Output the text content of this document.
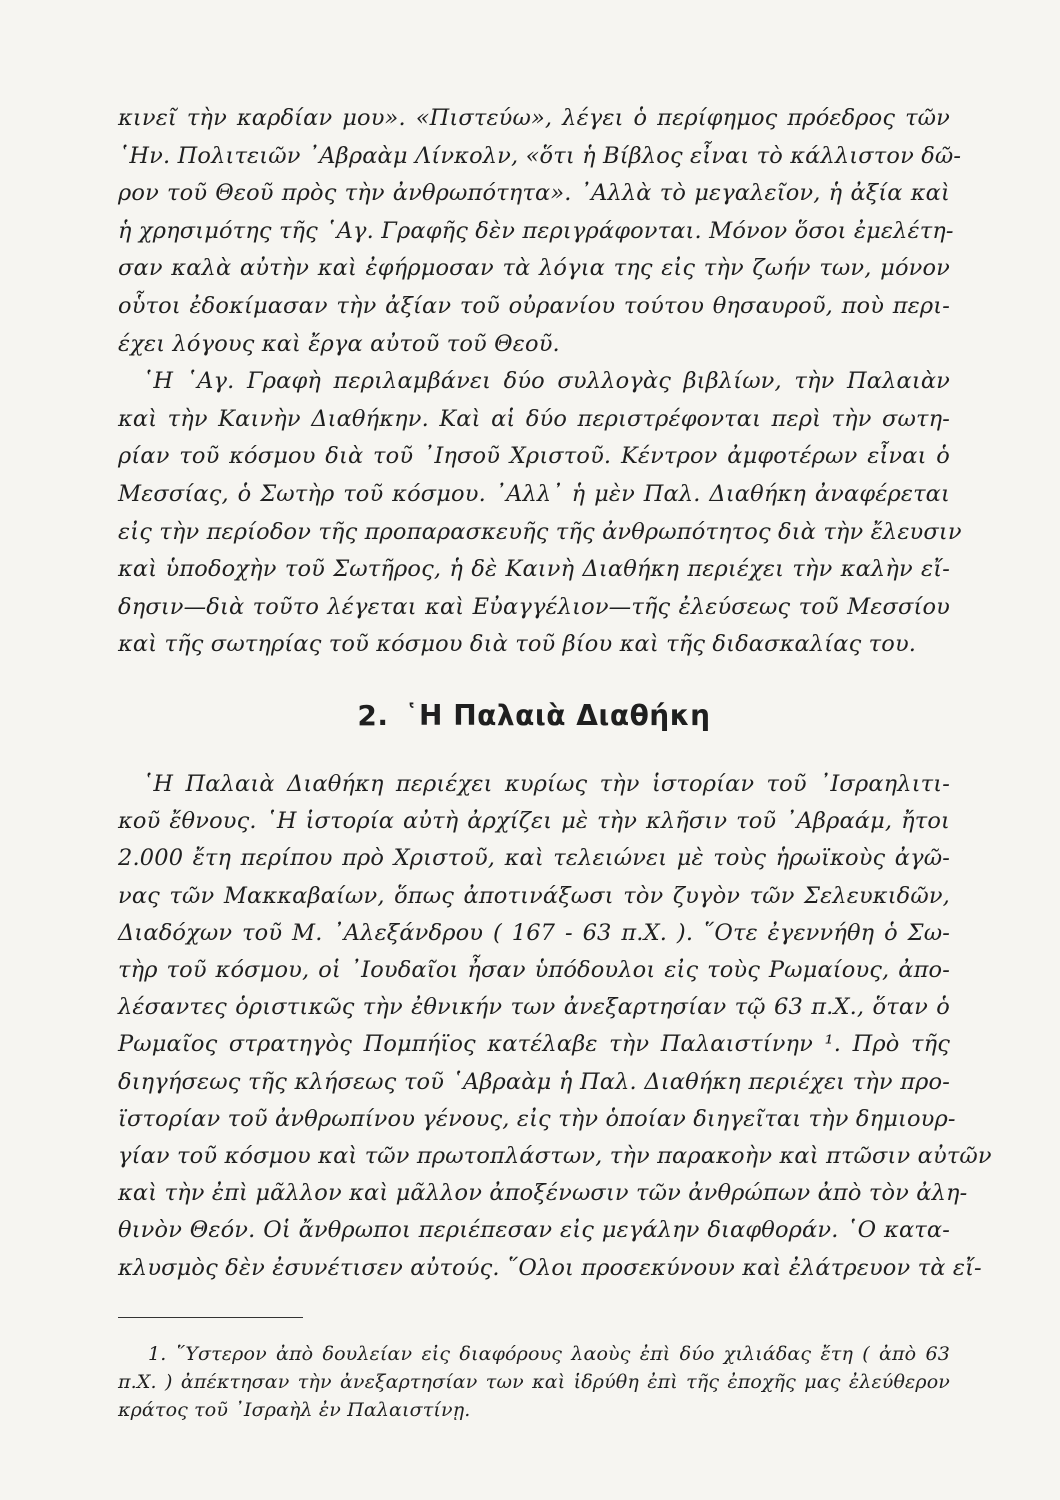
κινεῖ τὴν καρδίαν μου». «Πιστεύω», λέγει ὁ περίφημος πρόεδρος τῶν
῾Ην. Πολιτειῶν ᾿Αβραὰμ Λίνκολν, «ὅτι ἡ Βίβλος εἶναι τὸ κάλλιστον δῶ-
ρον τοῦ Θεοῦ πρὸς τὴν ἀνθρωπότητα». ᾿Αλλὰ τὸ μεγαλεῖον, ἡ ἀξία καὶ
ἡ χρησιμότης τῆς ῾Αγ. Γραφῆς δὲν περιγράφονται. Μόνον ὅσοι ἐμελέτη-
σαν καλὰ αὐτὴν καὶ ἐφήρμοσαν τὰ λόγια της εἰς τὴν ζωήν των, μόνον
οὗτοι ἐδοκίμασαν τὴν ἀξίαν τοῦ οὐρανίου τούτου θησαυροῦ, ποὺ περι-
έχει λόγους καὶ ἔργα αὐτοῦ τοῦ Θεοῦ.
῾Η ῾Αγ. Γραφὴ περιλαμβάνει δύο συλλογὰς βιβλίων, τὴν Παλαιὰν
καὶ τὴν Καινὴν Διαθήκην. Καὶ αἱ δύο περιστρέφονται περὶ τὴν σωτη-
ρίαν τοῦ κόσμου διὰ τοῦ ᾿Ιησοῦ Χριστοῦ. Κέντρον ἀμφοτέρων εἶναι ὁ
Μεσσίας, ὁ Σωτὴρ τοῦ κόσμου. ᾿Αλλ᾿ ἡ μὲν Παλ. Διαθήκη ἀναφέρεται
εἰς τὴν περίοδον τῆς προπαρασκευῆς τῆς ἀνθρωπότητος διὰ τὴν ἔλευσιν
καὶ ὑποδοχὴν τοῦ Σωτῆρος, ἡ δὲ Καινὴ Διαθήκη περιέχει τὴν καλὴν εἴ-
δησιν—διὰ τοῦτο λέγεται καὶ Εὐαγγέλιον—τῆς ἐλεύσεως τοῦ Μεσσίου
καὶ τῆς σωτηρίας τοῦ κόσμου διὰ τοῦ βίου καὶ τῆς διδασκαλίας του.
2. ῾Η Παλαιὰ Διαθήκη
῾Η Παλαιὰ Διαθήκη περιέχει κυρίως τὴν ἱστορίαν τοῦ ᾿Ισραηλιτι-
κοῦ ἔθνους. ῾Η ἱστορία αὐτὴ ἀρχίζει μὲ τὴν κλῆσιν τοῦ ᾿Αβραάμ, ἤτοι
2.000 ἔτη περίπου πρὸ Χριστοῦ, καὶ τελειώνει μὲ τοὺς ἡρωϊκοὺς ἀγῶ-
νας τῶν Μακκαβαίων, ὅπως ἀποτινάξωσι τὸν ζυγὸν τῶν Σελευκιδῶν,
Διαδόχων τοῦ Μ. ᾿Αλεξάνδρου ( 167 - 63 π.Χ. ). ῞Οτε ἐγεννήθη ὁ Σω-
τὴρ τοῦ κόσμου, οἱ ᾿Ιουδαῖοι ἦσαν ὑπόδουλοι εἰς τοὺς Ρωμαίους, ἀπο-
λέσαντες ὁριστικῶς τὴν ἐθνικήν των ἀνεξαρτησίαν τῷ 63 π.Χ., ὅταν ὁ
Ρωμαῖος στρατηγὸς Πομπήϊος κατέλαβε τὴν Παλαιστίνην ¹. Πρὸ τῆς
διηγήσεως τῆς κλήσεως τοῦ ῾Αβραὰμ ἡ Παλ. Διαθήκη περιέχει τὴν προ-
ϊστορίαν τοῦ ἀνθρωπίνου γένους, εἰς τὴν ὁποίαν διηγεῖται τὴν δημιουρ-
γίαν τοῦ κόσμου καὶ τῶν πρωτοπλάστων, τὴν παρακοὴν καὶ πτῶσιν αὐτῶν
καὶ τὴν ἐπὶ μᾶλλον καὶ μᾶλλον ἀποξένωσιν τῶν ἀνθρώπων ἀπὸ τὸν ἀλη-
θινὸν Θεόν. Οἱ ἄνθρωποι περιέπεσαν εἰς μεγάλην διαφθοράν. ῾Ο κατα-
κλυσμὸς δὲν ἐσυνέτισεν αὐτούς. ῞Ολοι προσεκύνουν καὶ ἐλάτρευον τὰ εἴ-
1. ῞Υστερον ἀπὸ δουλείαν εἰς διαφόρους λαοὺς ἐπὶ δύο χιλιάδας ἔτη ( ἀπὸ 63
π.Χ. ) ἀπέκτησαν τὴν ἀνεξαρτησίαν των καὶ ἱδρύθη ἐπὶ τῆς ἐποχῆς μας ἐλεύθερον
κράτος τοῦ ᾿Ισραὴλ ἐν Παλαιστίνῃ.
